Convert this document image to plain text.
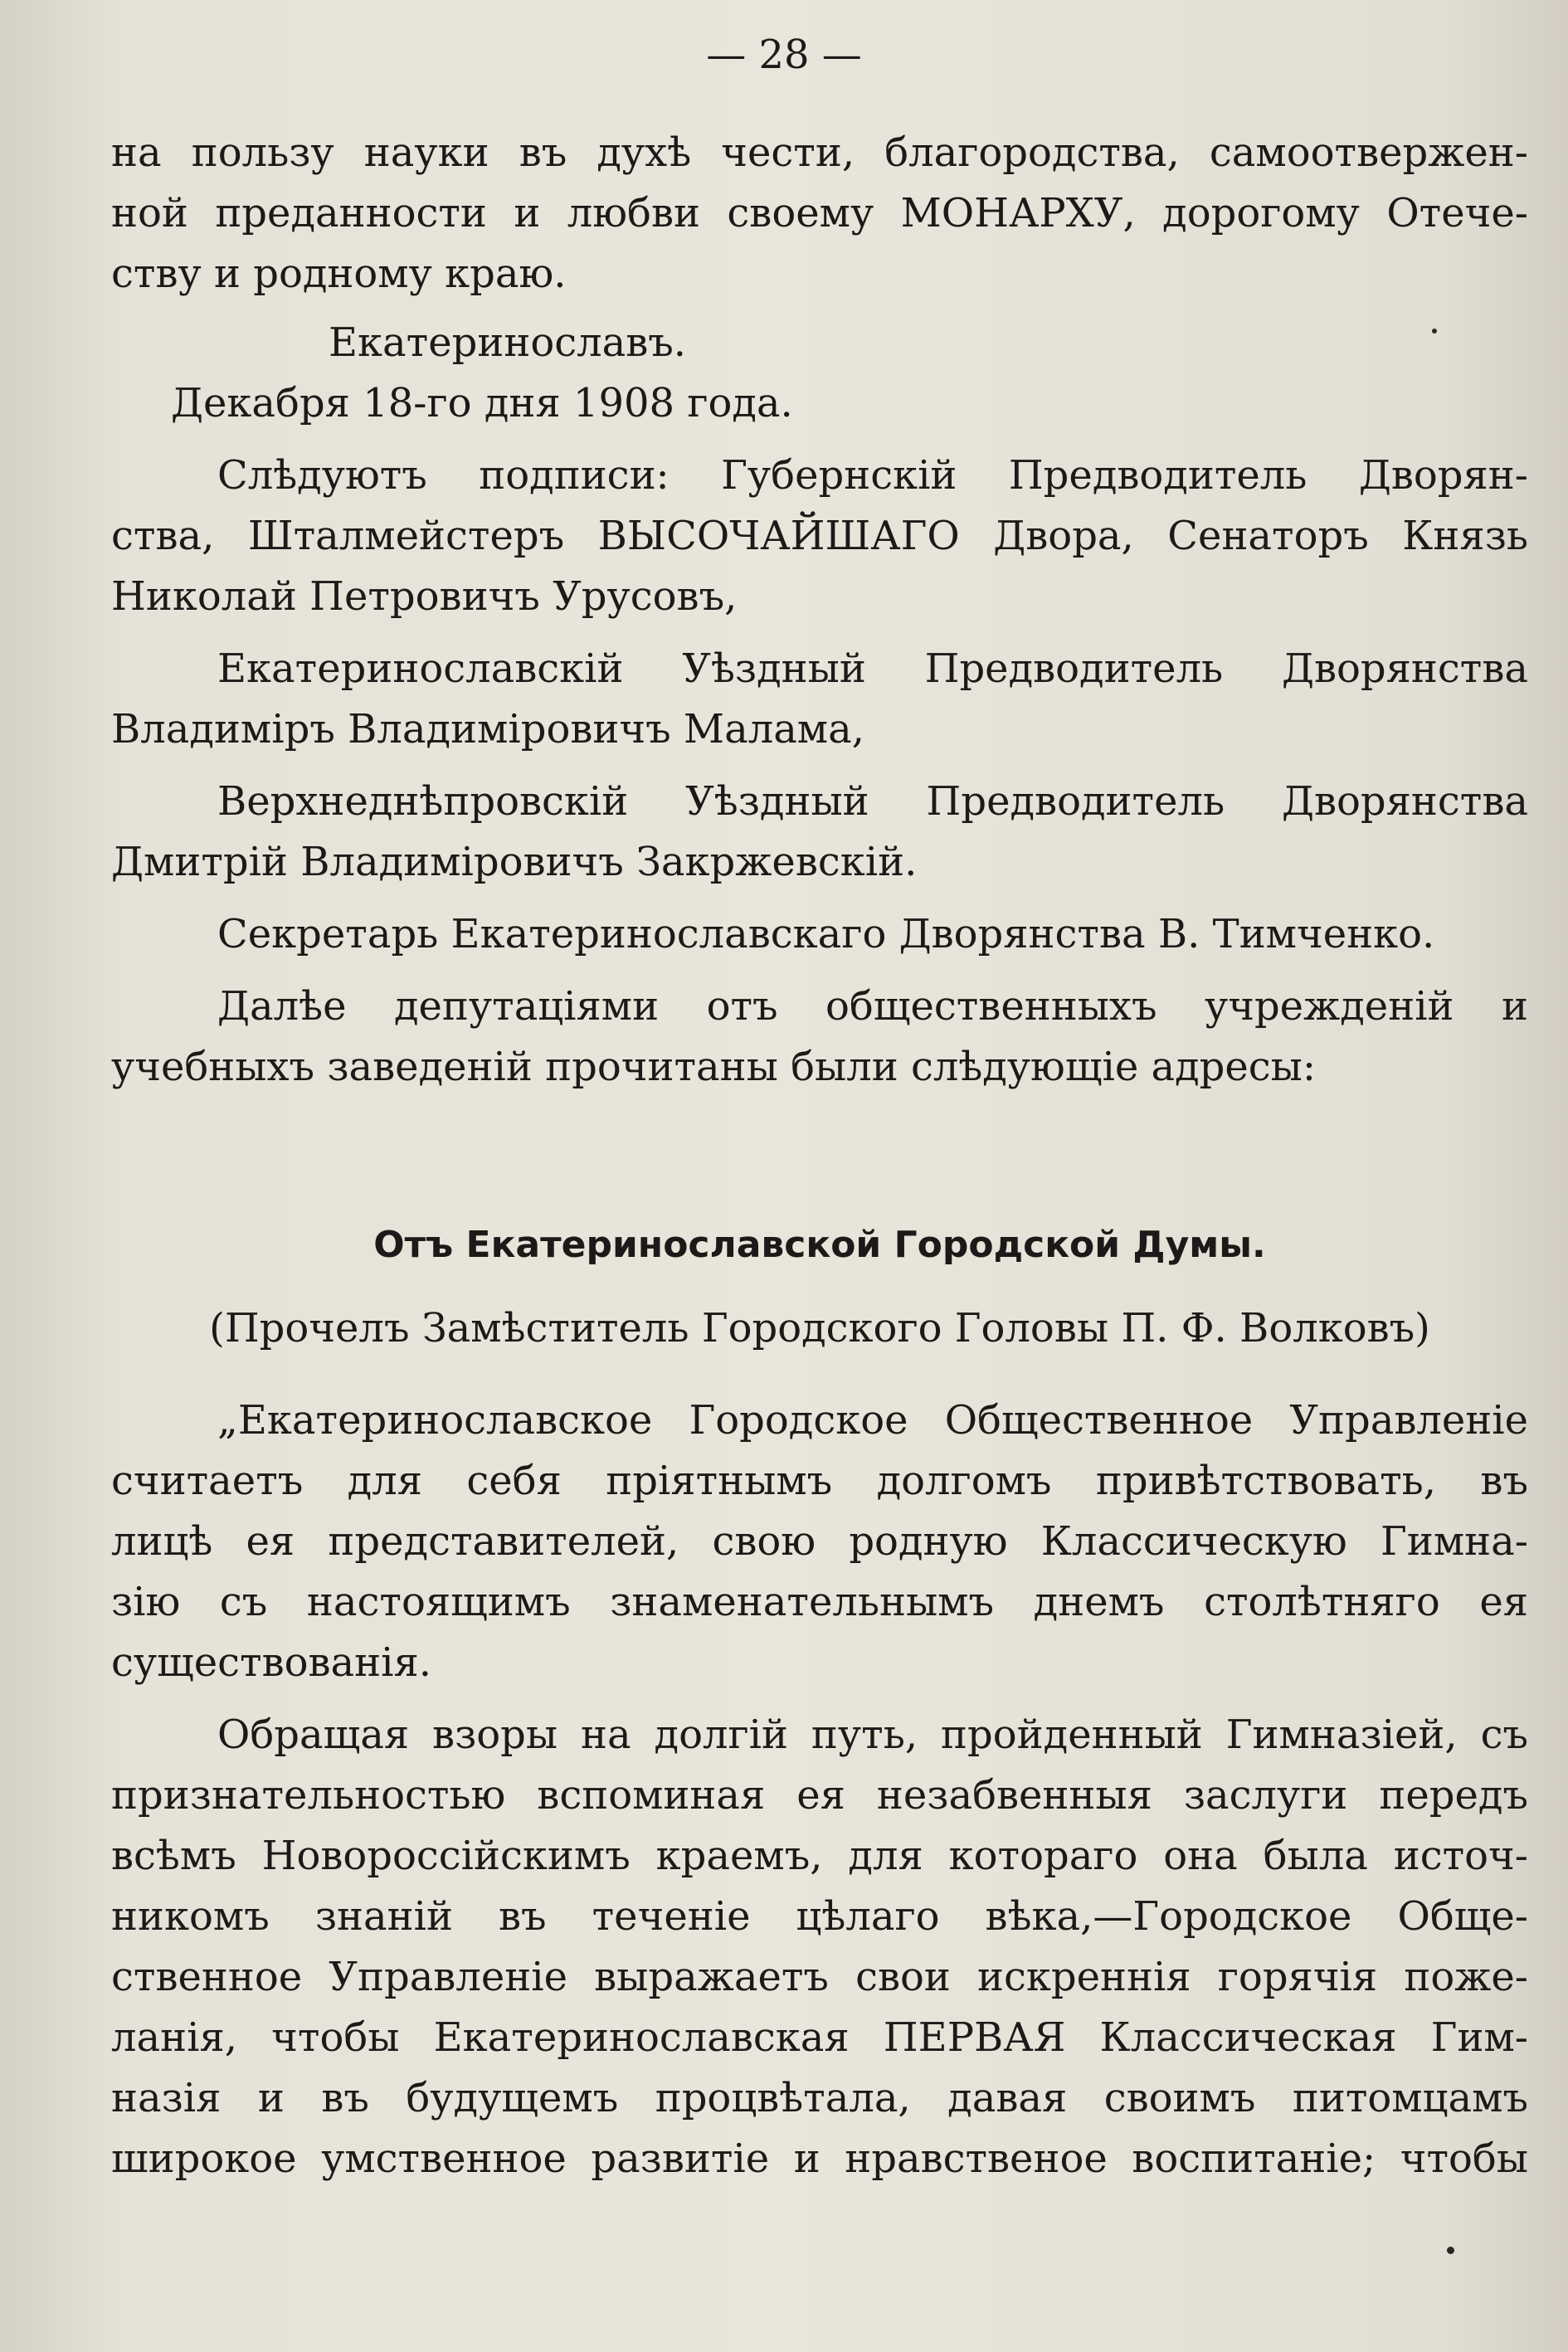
— 28 —

на пользу науки въ духѣ чести, благородства, самоотвержен-

ной преданности и любви своему МОНАРХУ, дорогому Отече-

ству и родному краю.

Екатеринославъ.

Декабря 18-го дня 1908 года.

Слѣдуютъ подписи: Губернскій Предводитель Дворян-

ства, Шталмейстеръ ВЫСОЧАЙШАГО Двора, Сенаторъ Князь

Николай Петровичъ Урусовъ,

Екатеринославскій Уѣздный Предводитель Дворянства

Владиміръ Владиміровичъ Малама,

Верхнеднѣпровскій Уѣздный Предводитель Дворянства

Дмитрій Владиміровичъ Закржевскій.

Секретарь Екатеринославскаго Дворянства В. Тимченко.

Далѣе депутаціями отъ общественныхъ учрежденій и

учебныхъ заведеній прочитаны были слѣдующіе адресы:

Отъ Екатеринославской Городской Думы.

(Прочелъ Замѣститель Городского Головы П. Ф. Волковъ)

„Екатеринославское Городское Общественное Управленіе

считаетъ для себя пріятнымъ долгомъ привѣтствовать, въ

лицѣ ея представителей, свою родную Классическую Гимна-

зію съ настоящимъ знаменательнымъ днемъ столѣтняго ея

существованія.

Обращая взоры на долгій путь, пройденный Гимназіей, съ

признательностью вспоминая ея незабвенныя заслуги передъ

всѣмъ Новороссійскимъ краемъ, для котораго она была источ-

никомъ знаній въ теченіе цѣлаго вѣка,—Городское Обще-

ственное Управленіе выражаетъ свои искреннія горячія поже-

ланія, чтобы Екатеринославская ПЕРВАЯ Классическая Гим-

назія и въ будущемъ процвѣтала, давая своимъ питомцамъ

широкое умственное развитіе и нравственое воспитаніе; чтобы
